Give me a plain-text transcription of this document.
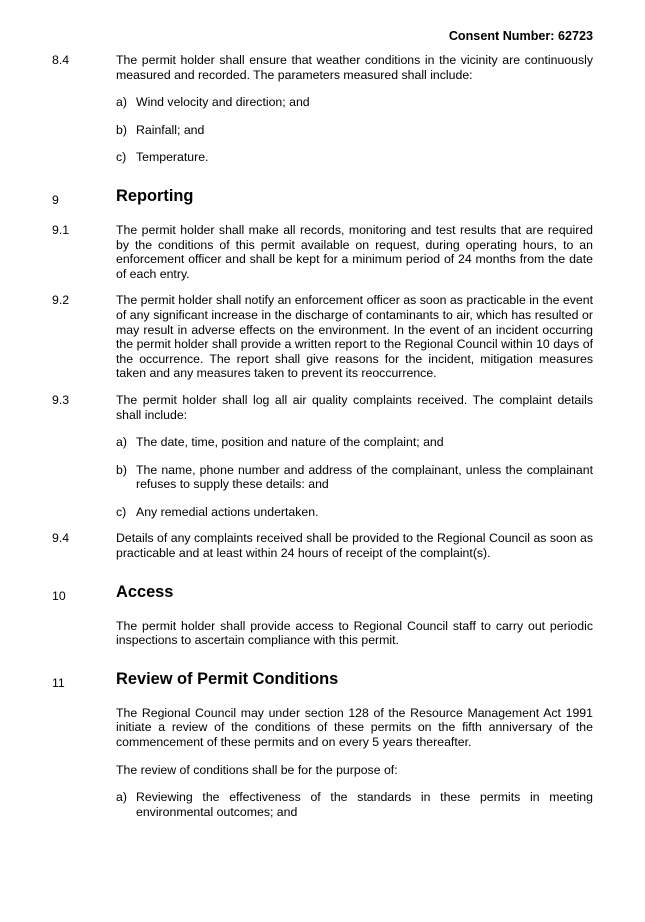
Consent Number: 62723
8.4	The permit holder shall ensure that weather conditions in the vicinity are continuously measured and recorded. The parameters measured shall include:
a) Wind velocity and direction; and
b) Rainfall; and
c) Temperature.
9	Reporting
9.1	The permit holder shall make all records, monitoring and test results that are required by the conditions of this permit available on request, during operating hours, to an enforcement officer and shall be kept for a minimum period of 24 months from the date of each entry.
9.2	The permit holder shall notify an enforcement officer as soon as practicable in the event of any significant increase in the discharge of contaminants to air, which has resulted or may result in adverse effects on the environment. In the event of an incident occurring the permit holder shall provide a written report to the Regional Council within 10 days of the occurrence. The report shall give reasons for the incident, mitigation measures taken and any measures taken to prevent its reoccurrence.
9.3	The permit holder shall log all air quality complaints received. The complaint details shall include:
a) The date, time, position and nature of the complaint; and
b) The name, phone number and address of the complainant, unless the complainant refuses to supply these details: and
c) Any remedial actions undertaken.
9.4	Details of any complaints received shall be provided to the Regional Council as soon as practicable and at least within 24 hours of receipt of the complaint(s).
10	Access
The permit holder shall provide access to Regional Council staff to carry out periodic inspections to ascertain compliance with this permit.
11	Review of Permit Conditions
The Regional Council may under section 128 of the Resource Management Act 1991 initiate a review of the conditions of these permits on the fifth anniversary of the commencement of these permits and on every 5 years thereafter.
The review of conditions shall be for the purpose of:
a) Reviewing the effectiveness of the standards in these permits in meeting environmental outcomes; and
